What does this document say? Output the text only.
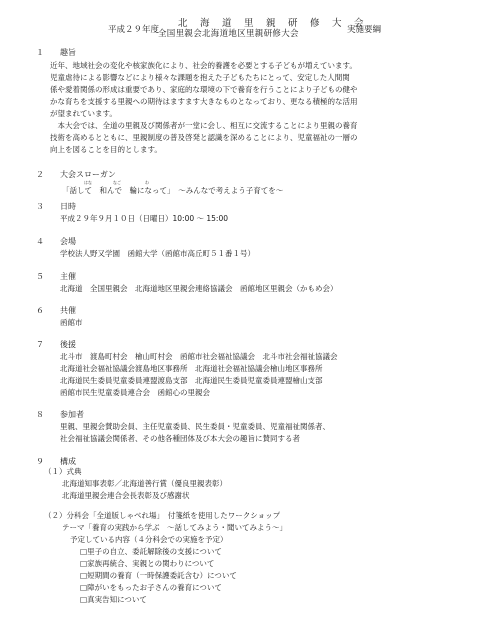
平成２９年度
北　海　道　里　親　研　修　大　会
全国里親会北海道地区里親研修大会	実施要綱
１ 趣旨
近年、地域社会の変化や核家族化により、社会的養護を必要とする子どもが増えています。
児童虐待による影響などにより様々な課題を抱えた子どもたちにとって、安定した人間関
係や愛着関係の形成は重要であり、家庭的な環境の下で養育を行うことにより子どもの健や
かな育ちを支援する里親への期待はますます大きなものとなっており、更なる積極的な活用
が望まれています。
　本大会では、全道の里親及び関係者が一堂に会し、相互に交流することにより里親の養育
技術を高めるとともに、里親制度の普及啓発と認識を深めることにより、児童福祉の一層の
向上を図ることを目的とします。
２ 大会スローガン
はな	なご	わ
「話して　和んで　輪になって」　～みんなで考えよう子育てを～
３ 日時
平成２９年９月１０日（日曜日）10:00 ～ 15:00
４ 会場
学校法人野又学園　函館大学（函館市高丘町５１番１号）
５ 主催
北海道　全国里親会　北海道地区里親会連絡協議会　函館地区里親会（かもめ会）
６ 共催
函館市
７ 後援
北斗市　渡島町村会　檜山町村会　函館市社会福祉協議会　北斗市社会福祉協議会
北海道社会福祉協議会渡島地区事務所　北海道社会福祉協議会檜山地区事務所
北海道民生委員児童委員連盟渡島支部　北海道民生委員児童委員連盟檜山支部
函館市民生児童委員連合会　函館心の里親会
８ 参加者
里親、里親会賛助会員、主任児童委員、民生委員・児童委員、児童福祉関係者、
社会福祉協議会関係者、その他各種団体及び本大会の趣旨に賛同する者
９ 構成
（１）式典
北海道知事表彰／北海道善行賞（優良里親表彰）
北海道里親会連合会長表彰及び感謝状
（２）分科会「全道版しゃべれ場」　付箋紙を使用したワークショップ
テーマ「養育の実践から学ぶ　～話してみよう・聞いてみよう～」
予定している内容（４分科会での実施を予定）
□里子の自立、委託解除後の支援について
□家族再統合、実親との関わりについて
□短期間の養育（一時保護委託含む）について
□障がいをもったお子さんの養育について
□真実告知について
